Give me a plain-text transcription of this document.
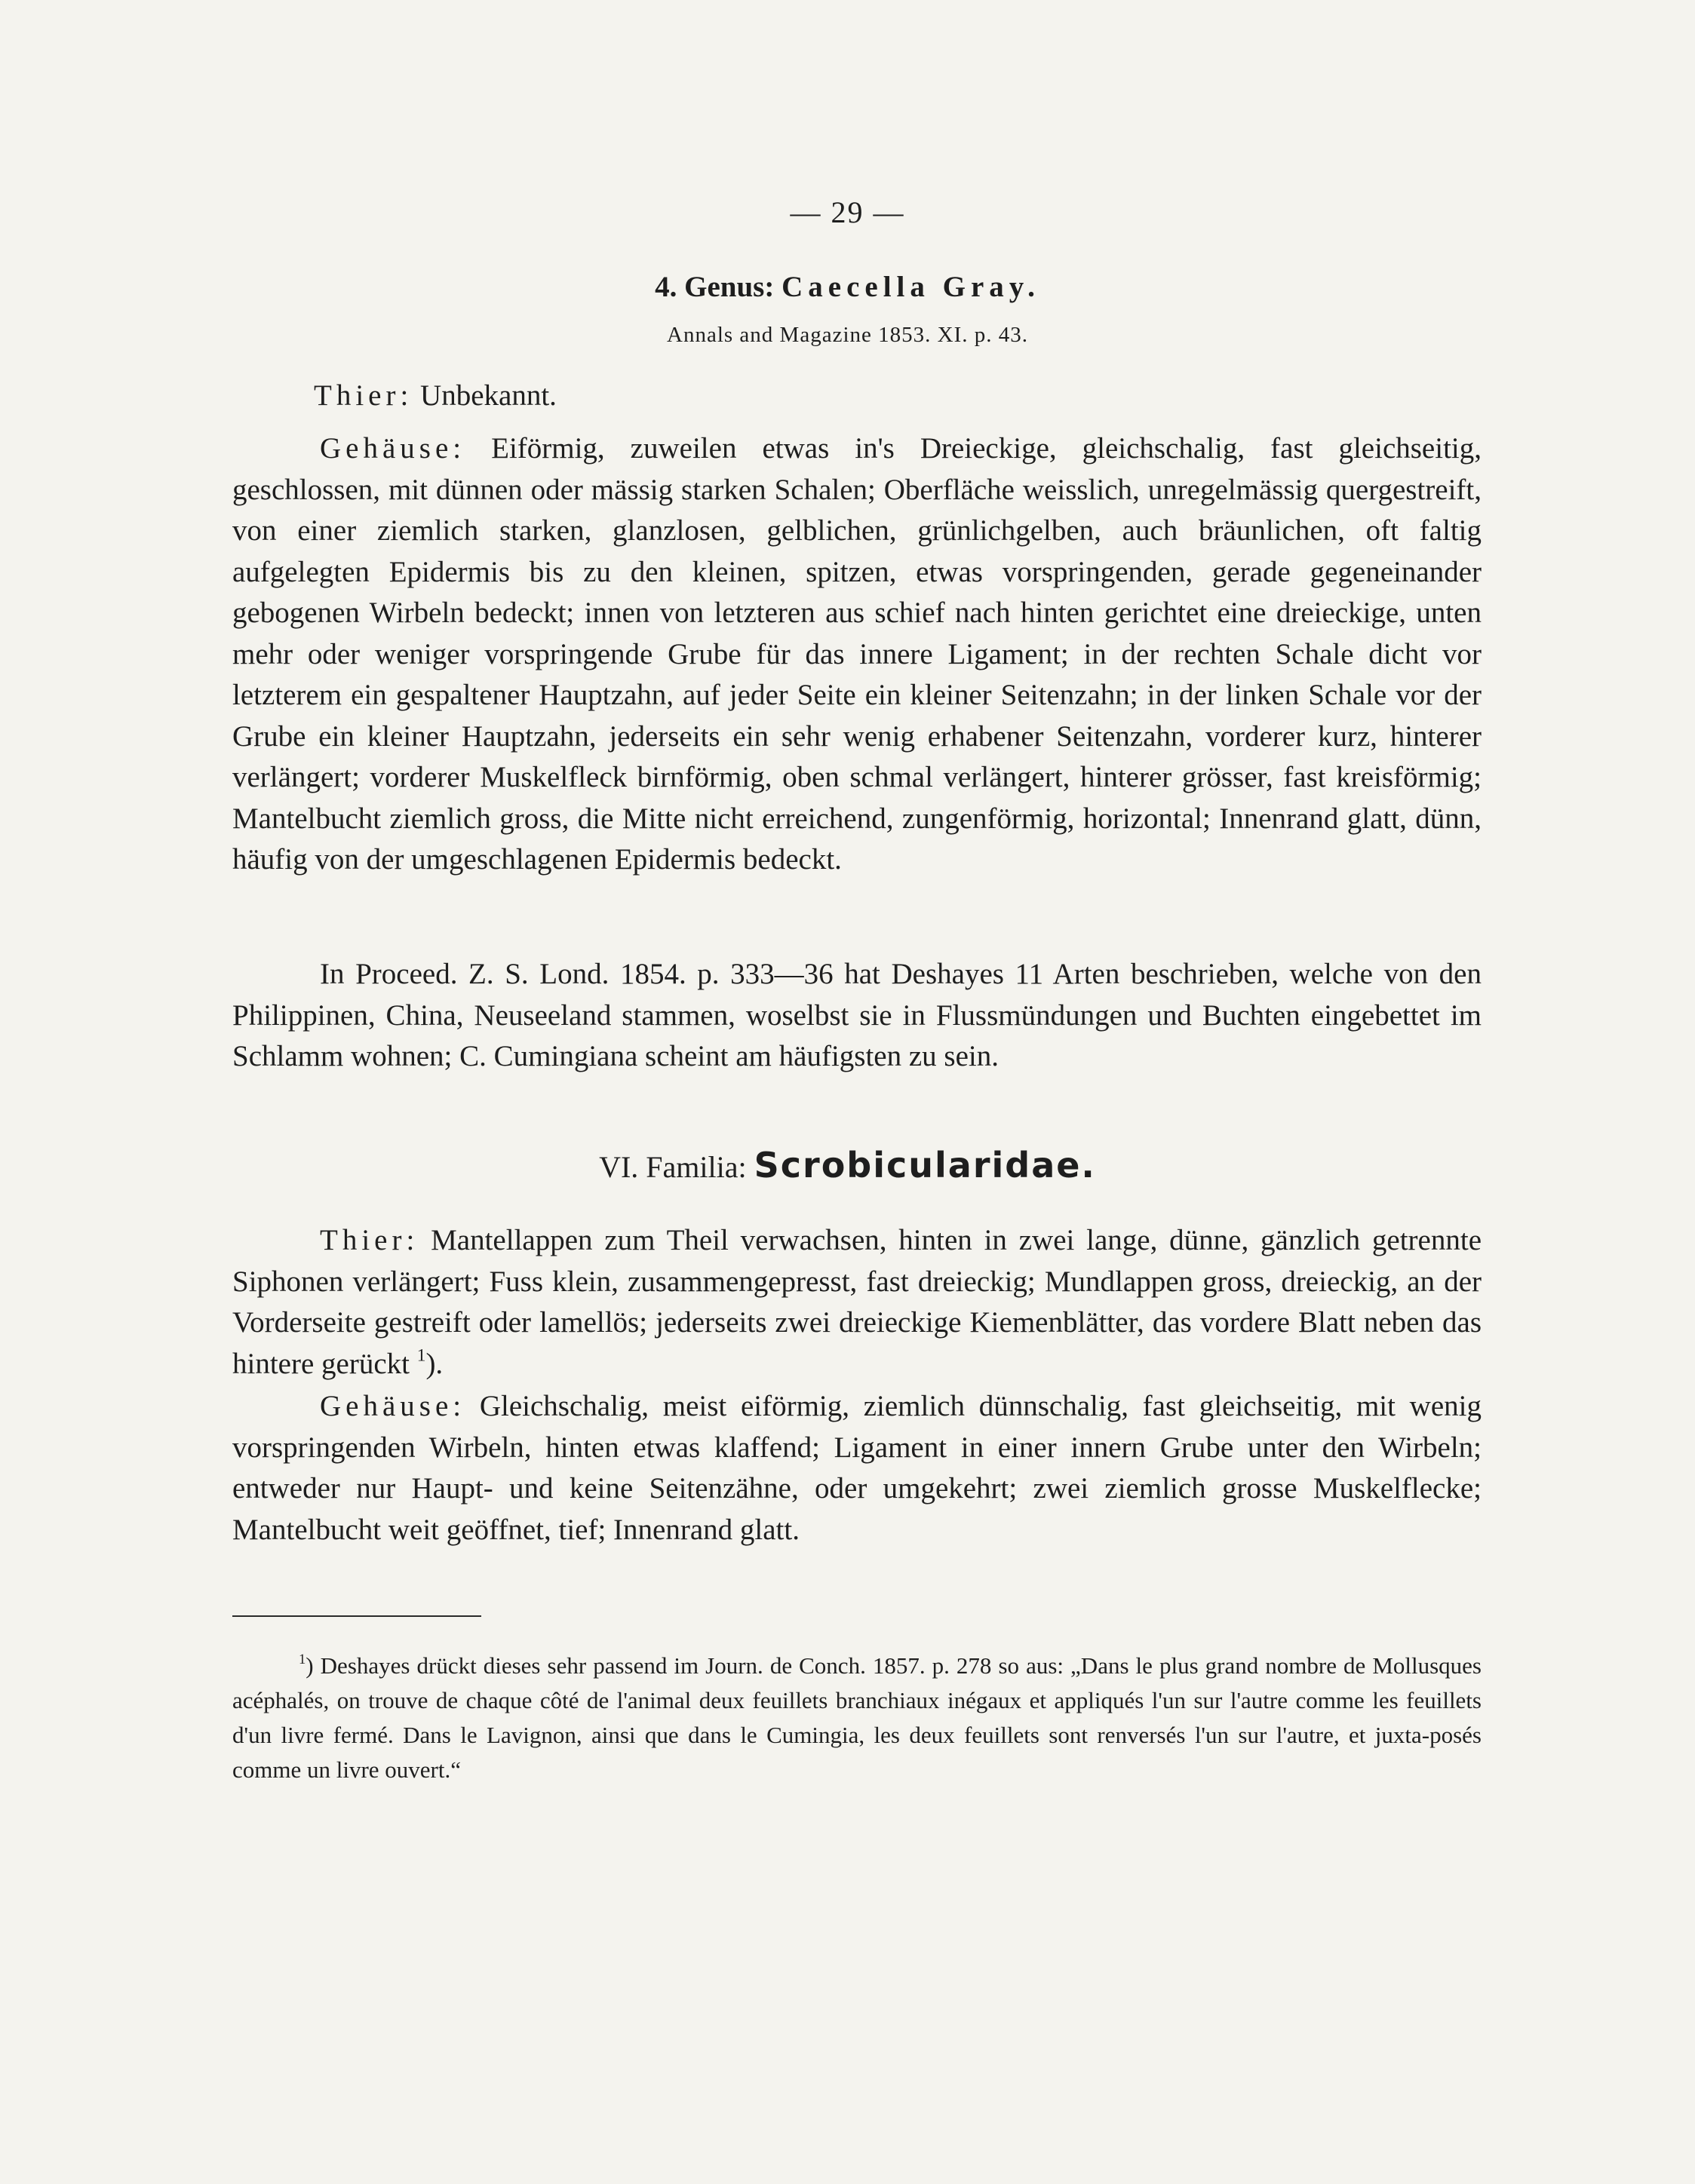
— 29 —
4. Genus: Caecella Gray.
Annals and Magazine 1853. XI. p. 43.

Thier: Unbekannt.

Gehäuse: Eiförmig, zuweilen etwas in's Dreieckige, gleichschalig, fast gleichseitig, geschlossen, mit dünnen oder mässig starken Schalen; Oberfläche weisslich, unregelmässig quergestreift, von einer ziemlich starken, glanzlosen, gelblichen, grünlichgelben, auch bräunlichen, oft faltig aufgelegten Epidermis bis zu den kleinen, spitzen, etwas vorspringenden, gerade gegeneinander gebogenen Wirbeln bedeckt; innen von letzteren aus schief nach hinten gerichtet eine dreieckige, unten mehr oder weniger vorspringende Grube für das innere Ligament; in der rechten Schale dicht vor letzterem ein gespaltener Hauptzahn, auf jeder Seite ein kleiner Seitenzahn; in der linken Schale vor der Grube ein kleiner Hauptzahn, jederseits ein sehr wenig erhabener Seitenzahn, vorderer kurz, hinterer verlängert; vorderer Muskelfleck birnförmig, oben schmal verlängert, hinterer grösser, fast kreisförmig; Mantelbucht ziemlich gross, die Mitte nicht erreichend, zungenförmig, horizontal; Innenrand glatt, dünn, häufig von der umgeschlagenen Epidermis bedeckt.

In Proceed. Z. S. Lond. 1854. p. 333—36 hat Deshayes 11 Arten beschrieben, welche von den Philippinen, China, Neuseeland stammen, woselbst sie in Flussmündungen und Buchten eingebettet im Schlamm wohnen; C. Cumingiana scheint am häufigsten zu sein.

VI. Familia: Scrobicularidae.

Thier: Mantellappen zum Theil verwachsen, hinten in zwei lange, dünne, gänzlich getrennte Siphonen verlängert; Fuss klein, zusammengepresst, fast dreieckig; Mundlappen gross, dreieckig, an der Vorderseite gestreift oder lamellös; jederseits zwei dreieckige Kiemenblätter, das vordere Blatt neben das hintere gerückt $^1$).

Gehäuse: Gleichschalig, meist eiförmig, ziemlich dünnschalig, fast gleichseitig, mit wenig vorspringenden Wirbeln, hinten etwas klaffend; Ligament in einer innern Grube unter den Wirbeln; entweder nur Haupt- und keine Seitenzähne, oder umgekehrt; zwei ziemlich grosse Muskelflecke; Mantelbucht weit geöffnet, tief; Innenrand glatt.

$^1$) Deshayes drückt dieses sehr passend im Journ. de Conch. 1857. p. 278 so aus: „Dans le plus grand nombre de Mollusques acéphalés, on trouve de chaque côté de l'animal deux feuillets branchiaux inégaux et appliqués l'un sur l'autre comme les feuillets d'un livre fermé. Dans le Lavignon, ainsi que dans le Cumingia, les deux feuillets sont renversés l'un sur l'autre, et juxta-posés comme un livre ouvert.“
